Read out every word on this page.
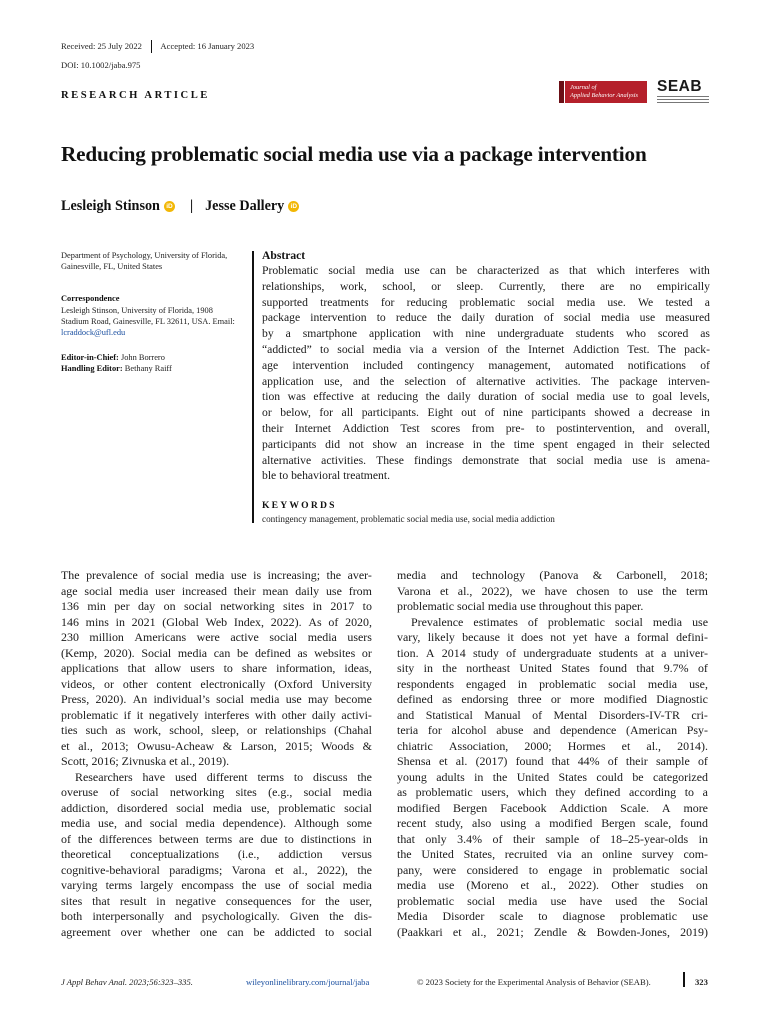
Received: 25 July 2022 Accepted: 16 January 2023
DOI: 10.1002/jaba.975
RESEARCH ARTICLE
Journal of
Applied Behavior Analysis SEAB
Reducing problematic social media use via a package intervention
Lesleigh Stinson iD | Jesse Dallery iD
Department of Psychology, University of Florida, Gainesville, FL, United States
Correspondence
Lesleigh Stinson, University of Florida, 1908 Stadium Road, Gainesville, FL 32611, USA. Email: lcraddock@ufl.edu
Editor-in-Chief: John Borrero
Handling Editor: Bethany Raiff
Abstract
Problematic social media use can be characterized as that which interferes with
relationships, work, school, or sleep. Currently, there are no empirically
supported treatments for reducing problematic social media use. We tested a
package intervention to reduce the daily duration of social media use measured
by a smartphone application with nine undergraduate students who scored as
“addicted” to social media via a version of the Internet Addiction Test. The pack-
age intervention included contingency management, automated notifications of
application use, and the selection of alternative activities. The package interven-
tion was effective at reducing the daily duration of social media use to goal levels,
or below, for all participants. Eight out of nine participants showed a decrease in
their Internet Addiction Test scores from pre- to postintervention, and overall,
participants did not show an increase in the time spent engaged in their selected
alternative activities. These findings demonstrate that social media use is amena-
ble to behavioral treatment.
KEYWORDS
contingency management, problematic social media use, social media addiction
The prevalence of social media use is increasing; the aver-
age social media user increased their mean daily use from
136 min per day on social networking sites in 2017 to
146 mins in 2021 (Global Web Index, 2022). As of 2020,
230 million Americans were active social media users
(Kemp, 2020). Social media can be defined as websites or
applications that allow users to share information, ideas,
videos, or other content electronically (Oxford University
Press, 2020). An individual’s social media use may become
problematic if it negatively interferes with other daily activi-
ties such as work, school, sleep, or relationships (Chahal
et al., 2013; Owusu-Acheaw & Larson, 2015; Woods &
Scott, 2016; Zivnuska et al., 2019).
Researchers have used different terms to discuss the
overuse of social networking sites (e.g., social media
addiction, disordered social media use, problematic social
media use, and social media dependence). Although some
of the differences between terms are due to distinctions in
theoretical conceptualizations (i.e., addiction versus
cognitive-behavioral paradigms; Varona et al., 2022), the
varying terms largely encompass the use of social media
sites that result in negative consequences for the user,
both interpersonally and psychologically. Given the dis-
agreement over whether one can be addicted to social
media and technology (Panova & Carbonell, 2018;
Varona et al., 2022), we have chosen to use the term
problematic social media use throughout this paper.
Prevalence estimates of problematic social media use
vary, likely because it does not yet have a formal defini-
tion. A 2014 study of undergraduate students at a univer-
sity in the northeast United States found that 9.7% of
respondents engaged in problematic social media use,
defined as endorsing three or more modified Diagnostic
and Statistical Manual of Mental Disorders-IV-TR cri-
teria for alcohol abuse and dependence (American Psy-
chiatric Association, 2000; Hormes et al., 2014).
Shensa et al. (2017) found that 44% of their sample of
young adults in the United States could be categorized
as problematic users, which they defined according to a
modified Bergen Facebook Addiction Scale. A more
recent study, also using a modified Bergen scale, found
that only 3.4% of their sample of 18–25-year-olds in
the United States, recruited via an online survey com-
pany, were considered to engage in problematic social
media use (Moreno et al., 2022). Other studies on
problematic social media use have used the Social
Media Disorder scale to diagnose problematic use
(Paakkari et al., 2021; Zendle & Bowden-Jones, 2019)
J Appl Behav Anal. 2023;56:323–335.	wileyonlinelibrary.com/journal/jaba	© 2023 Society for the Experimental Analysis of Behavior (SEAB).	323
